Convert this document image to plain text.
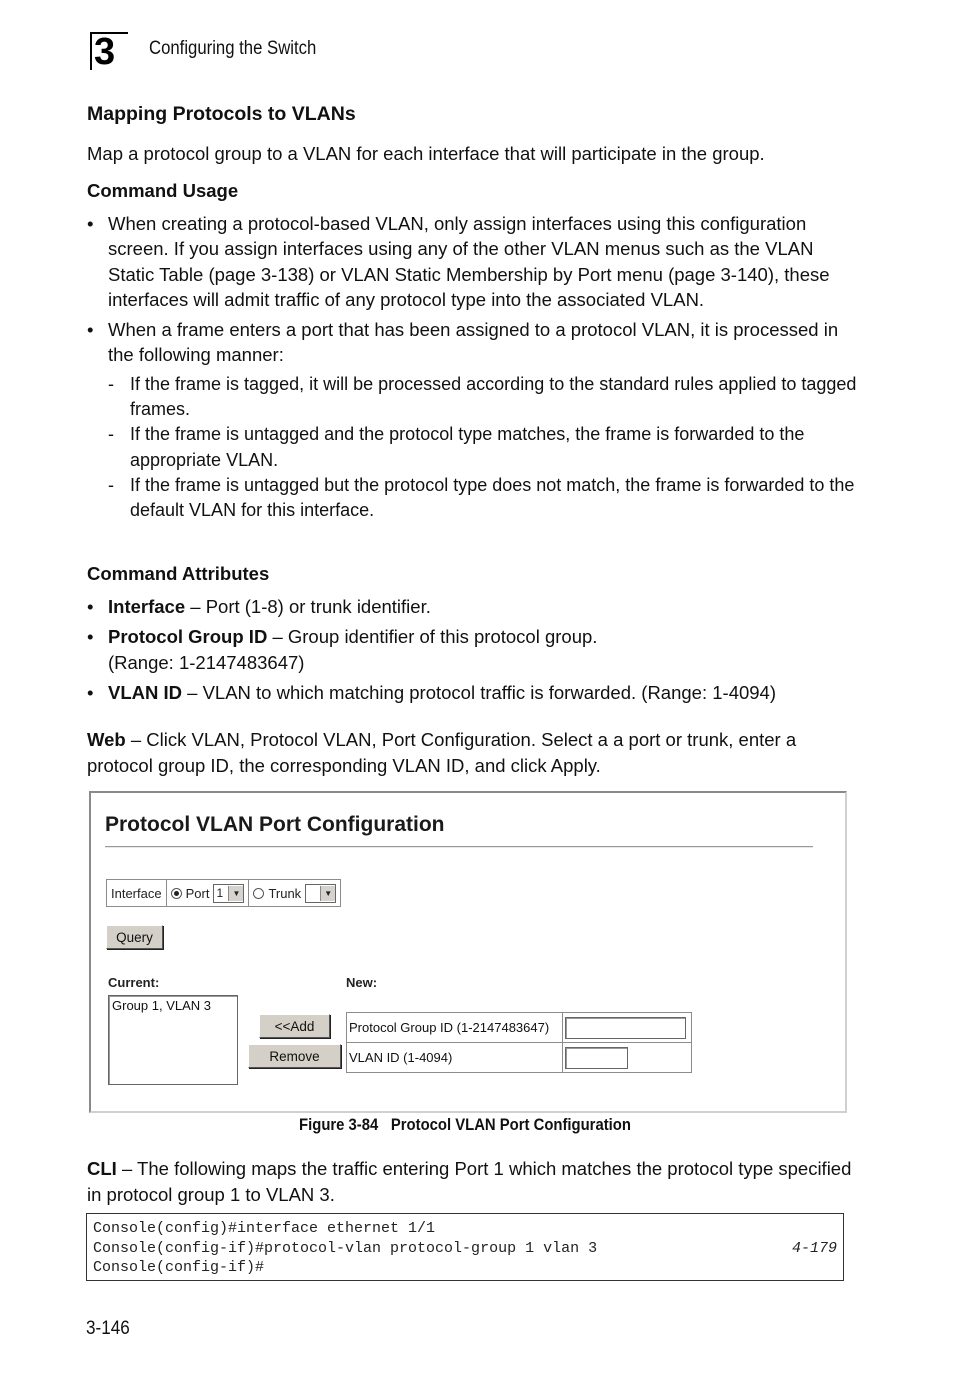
3	Configuring the Switch
Mapping Protocols to VLANs

Map a protocol group to a VLAN for each interface that will participate in the group.

Command Usage
• When creating a protocol-based VLAN, only assign interfaces using this configuration screen. If you assign interfaces using any of the other VLAN menus such as the VLAN Static Table (page 3-138) or VLAN Static Membership by Port menu (page 3-140), these interfaces will admit traffic of any protocol type into the associated VLAN.
• When a frame enters a port that has been assigned to a protocol VLAN, it is processed in the following manner:
- If the frame is tagged, it will be processed according to the standard rules applied to tagged frames.
- If the frame is untagged and the protocol type matches, the frame is forwarded to the appropriate VLAN.
- If the frame is untagged but the protocol type does not match, the frame is forwarded to the default VLAN for this interface.
Command Attributes
• Interface – Port (1-8) or trunk identifier.
• Protocol Group ID – Group identifier of this protocol group.
(Range: 1-2147483647)
• VLAN ID – VLAN to which matching protocol traffic is forwarded. (Range: 1-4094)

Web – Click VLAN, Protocol VLAN, Port Configuration. Select a a port or trunk, enter a protocol group ID, the corresponding VLAN ID, and click Apply.

Protocol VLAN Port Configuration
Interface Port 1	▼ Trunk	▼
Query
Current:	New:
Group 1, VLAN 3
<<Add
Remove
Protocol Group ID (1-2147483647)
VLAN ID (1-4094)
Figure 3-84 Protocol VLAN Port Configuration

CLI – The following maps the traffic entering Port 1 which matches the protocol type specified in protocol group 1 to VLAN 3.

Console(config)#interface ethernet 1/1
Console(config-if)#protocol-vlan protocol-group 1 vlan 3	4-179
Console(config-if)#
3-146
